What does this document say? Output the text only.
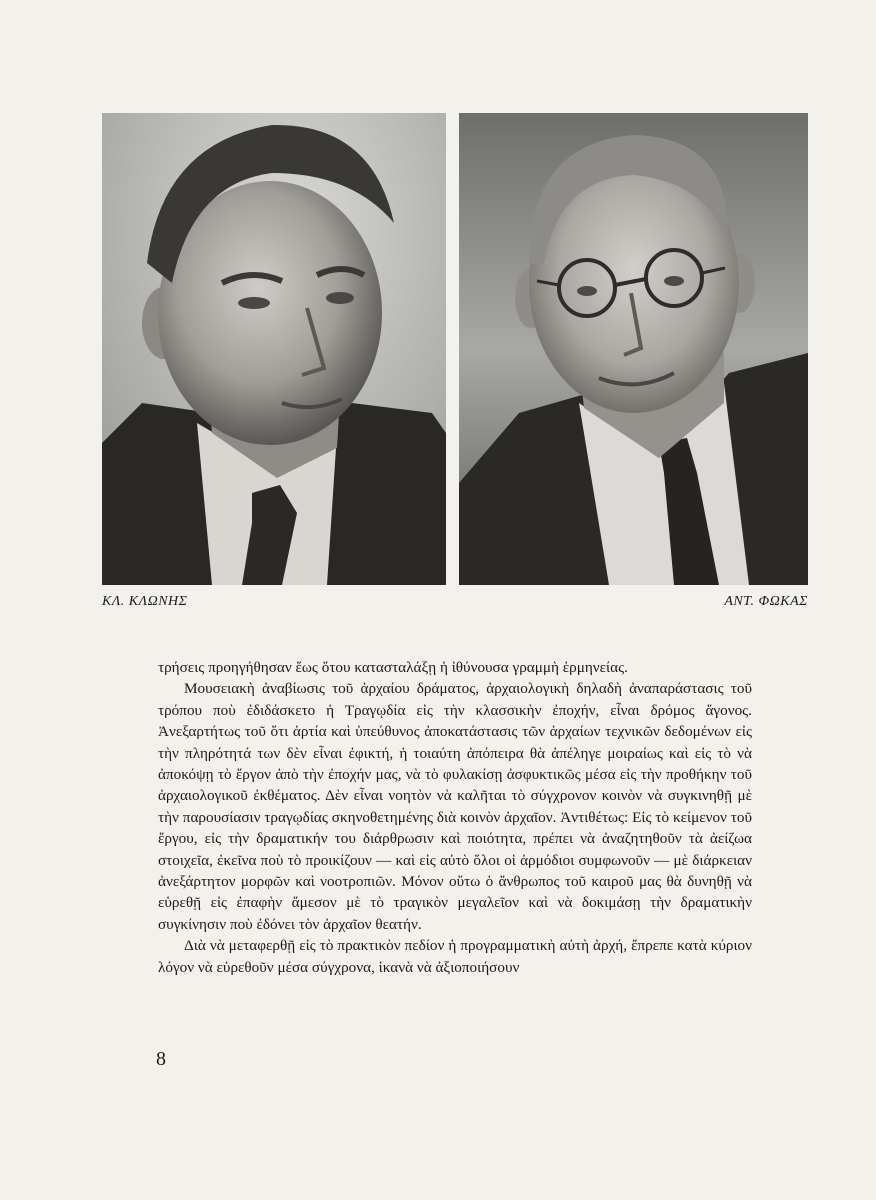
ΚΛ. ΚΛΩΝΗΣ	ΑΝΤ. ΦΩΚΑΣ

τρήσεις προηγήθησαν ἕως ὅτου κατασταλάξῃ ἡ ἰθύνουσα γραμμὴ ἑρμηνείας.

Μουσειακὴ ἀναβίωσις τοῦ ἀρχαίου δράματος, ἀρχαιολογικὴ δηλαδὴ ἀναπαράστασις τοῦ τρόπου ποὺ ἐδιδάσκετο ἡ Τραγῳδία εἰς τὴν κλασσικὴν ἐποχήν, εἶναι δρόμος ἄγονος. Ἀνεξαρτήτως τοῦ ὅτι ἀρτία καὶ ὑπεύθυνος ἀποκατάστασις τῶν ἀρχαίων τεχνικῶν δεδομένων εἰς τὴν πληρότητά των δὲν εἶναι ἐφικτή, ἡ τοιαύτη ἀπόπειρα θὰ ἀπέληγε μοιραίως καὶ εἰς τὸ νὰ ἀποκόψῃ τὸ ἔργον ἀπὸ τὴν ἐποχήν μας, νὰ τὸ φυλακίσῃ ἀσφυκτικῶς μέσα εἰς τὴν προθήκην τοῦ ἀρχαιολογικοῦ ἐκθέματος. Δὲν εἶναι νοητὸν νὰ καλῆται τὸ σύγχρονον κοινὸν νὰ συγκινηθῇ μὲ τὴν παρουσίασιν τραγῳδίας σκηνοθετημένης διὰ κοινὸν ἀρχαῖον. Ἀντιθέτως: Εἰς τὸ κείμενον τοῦ ἔργου, εἰς τὴν δραματικήν του διάρθρωσιν καὶ ποιότητα, πρέπει νὰ ἀναζητηθοῦν τὰ ἀείζωα στοιχεῖα, ἐκεῖνα ποὺ τὸ προικίζουν — καὶ εἰς αὐτὸ ὅλοι οἱ ἁρμόδιοι συμφωνοῦν — μὲ διάρκειαν ἀνεξάρτητον μορφῶν καὶ νοοτροπιῶν. Μόνον οὕτω ὁ ἄνθρωπος τοῦ καιροῦ μας θὰ δυνηθῇ νὰ εὑρεθῇ εἰς ἐπαφὴν ἄμεσον μὲ τὸ τραγικὸν μεγαλεῖον καὶ νὰ δοκιμάσῃ τὴν δραματικὴν συγκίνησιν ποὺ ἐδόνει τὸν ἀρχαῖον θεατήν.

Διὰ νὰ μεταφερθῇ εἰς τὸ πρακτικὸν πεδίον ἡ προγραμματικὴ αὐτὴ ἀρχή, ἔπρεπε κατὰ κύριον λόγον νὰ εὑρεθοῦν μέσα σύγχρονα, ἱκανὰ νὰ ἀξιοποιήσουν

8
